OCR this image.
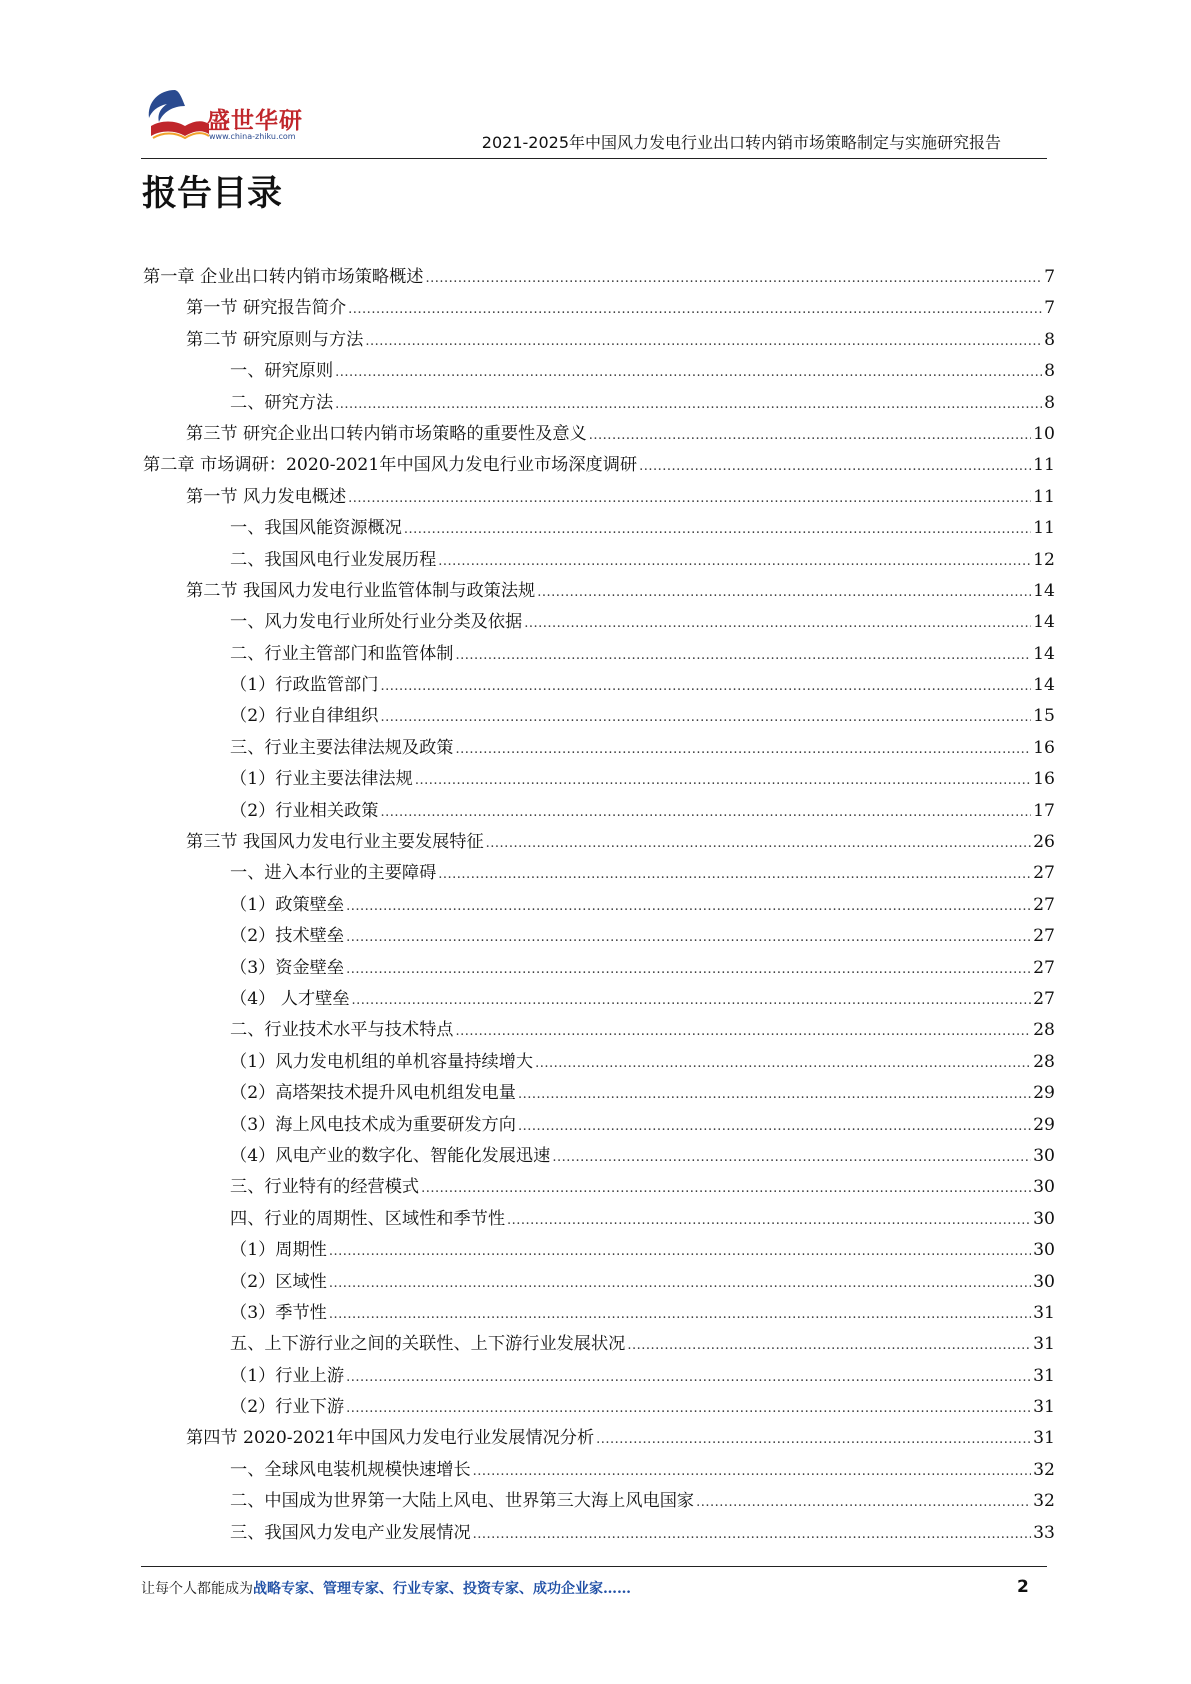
盛世华研
www.china-zhiku.com	2021-2025年中国风力发电行业出口转内销市场策略制定与实施研究报告
报告目录
第一章 企业出口转内销市场策略概述 .....	7
第一节 研究报告简介 .....	7
第二节 研究原则与方法 .....	8
一、研究原则 .....	8
二、研究方法 .....	8
第三节 研究企业出口转内销市场策略的重要性及意义 .....	10
第二章 市场调研：2020-2021年中国风力发电行业市场深度调研 .....	11
第一节 风力发电概述 .....	11
一、我国风能资源概况 .....	11
二、我国风电行业发展历程 .....	12
第二节 我国风力发电行业监管体制与政策法规 .....	14
一、风力发电行业所处行业分类及依据 .....	14
二、行业主管部门和监管体制 .....	14
（1）行政监管部门 .....	14
（2）行业自律组织 .....	15
三、行业主要法律法规及政策 .....	16
（1）行业主要法律法规 .....	16
（2）行业相关政策 .....	17
第三节 我国风力发电行业主要发展特征 .....	26
一、进入本行业的主要障碍 .....	27
（1）政策壁垒 .....	27
（2）技术壁垒 .....	27
（3）资金壁垒 .....	27
（4） 人才壁垒 .....	27
二、行业技术水平与技术特点 .....	28
（1）风力发电机组的单机容量持续增大 .....	28
（2）高塔架技术提升风电机组发电量 .....	29
（3）海上风电技术成为重要研发方向 .....	29
（4）风电产业的数字化、智能化发展迅速 .....	30
三、行业特有的经营模式 .....	30
四、行业的周期性、区域性和季节性 .....	30
（1）周期性 .....	30
（2）区域性 .....	30
（3）季节性 .....	31
五、上下游行业之间的关联性、上下游行业发展状况 .....	31
（1）行业上游 .....	31
（2）行业下游 .....	31
第四节 2020-2021年中国风力发电行业发展情况分析 .....	31
一、全球风电装机规模快速增长 .....	32
二、中国成为世界第一大陆上风电、世界第三大海上风电国家 .....	32
三、我国风力发电产业发展情况 .....	33
让每个人都能成为战略专家、管理专家、行业专家、投资专家、成功企业家……	2
